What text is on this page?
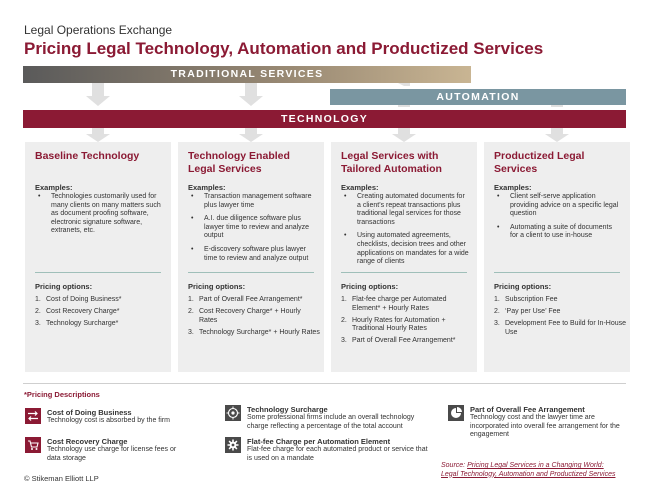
Legal Operations Exchange
Pricing Legal Technology, Automation and Productized Services
TRADITIONAL SERVICES
AUTOMATION
TECHNOLOGY
Baseline Technology
Examples:
• Technologies customarily used for many clients on many matters such as document proofing software, electronic signature software, extranets, etc.
Pricing options:
1. Cost of Doing Business*
2. Cost Recovery Charge*
3. Technology Surcharge*
Technology Enabled Legal Services
Examples:
• Transaction management software plus lawyer time
• A.I. due diligence software plus lawyer time to review and analyze output
• E-discovery software plus lawyer time to review and analyze output
Pricing options:
1. Part of Overall Fee Arrangement*
2. Cost Recovery Charge* + Hourly Rates
3. Technology Surcharge* + Hourly Rates
Legal Services with Tailored Automation
Examples:
• Creating automated documents for a client’s repeat transactions plus traditional legal services for those transactions
• Using automated agreements, checklists, decision trees and other applications on mandates for a wide range of clients
Pricing options:
1. Flat-fee charge per Automated Element* + Hourly Rates
2. Hourly Rates for Automation + Traditional Hourly Rates
3. Part of Overall Fee Arrangement*
Productized Legal Services
Examples:
• Client self-serve application providing advice on a specific legal question
• Automating a suite of documents for a client to use in-house
Pricing options:
1. Subscription Fee
2. ‘Pay per Use’ Fee
3. Development Fee to Build for In-House Use
*Pricing Descriptions
Cost of Doing Business
Technology cost is absorbed by the firm
Cost Recovery Charge
Technology use charge for license fees or data storage
Technology Surcharge
Some professional firms include an overall technology charge reflecting a percentage of the total account
Flat-fee Charge per Automation Element
Flat-fee charge for each automated product or service that is used on a mandate
Part of Overall Fee Arrangement
Technology cost and the lawyer time are incorporated into overall fee arrangement for the engagement
© Stikeman Elliott LLP
Source: Pricing Legal Services in a Changing World:
Legal Technology, Automation and Productized Services
